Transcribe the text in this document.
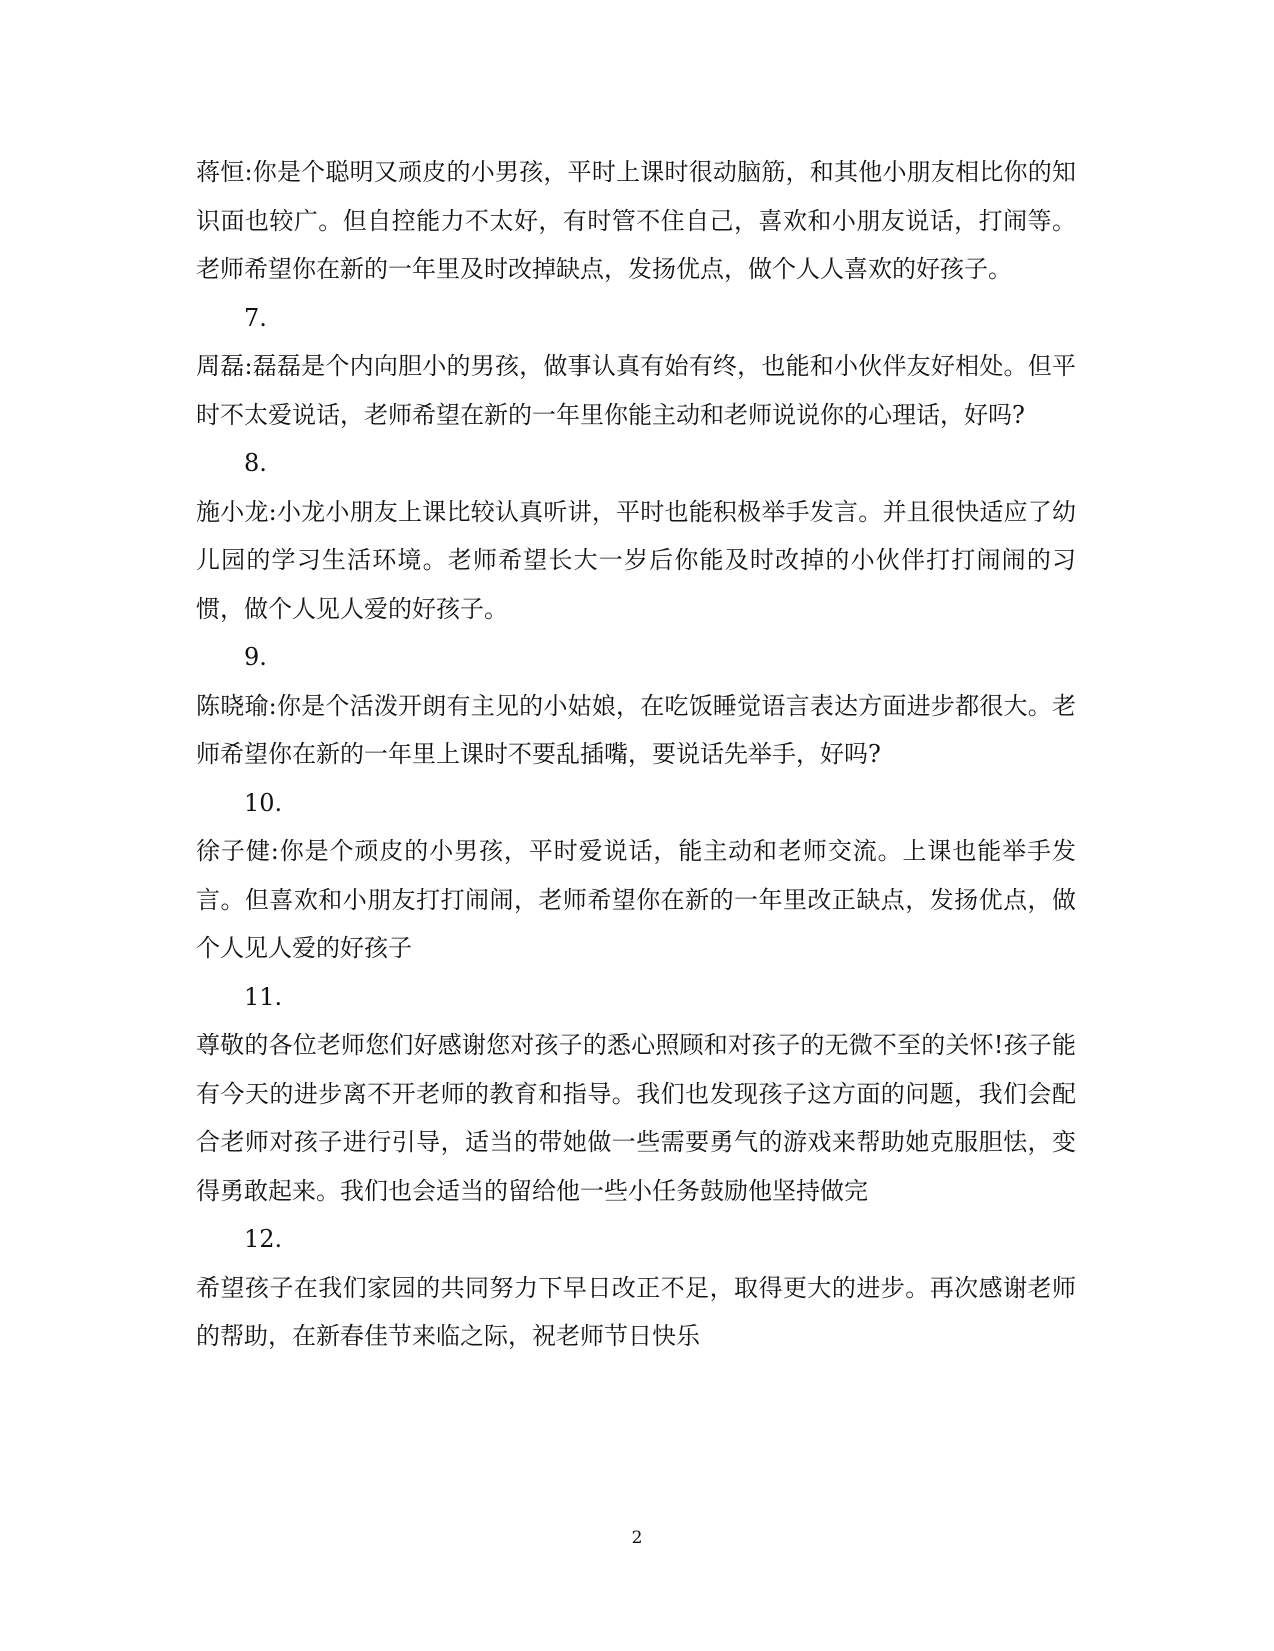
蒋恒:你是个聪明又顽皮的小男孩，平时上课时很动脑筋，和其他小朋友相比你的知识面也较广。但自控能力不太好，有时管不住自己，喜欢和小朋友说话，打闹等。老师希望你在新的一年里及时改掉缺点，发扬优点，做个人人喜欢的好孩子。

7.

周磊:磊磊是个内向胆小的男孩，做事认真有始有终，也能和小伙伴友好相处。但平时不太爱说话，老师希望在新的一年里你能主动和老师说说你的心理话，好吗?

8.

施小龙:小龙小朋友上课比较认真听讲，平时也能积极举手发言。并且很快适应了幼儿园的学习生活环境。老师希望长大一岁后你能及时改掉的小伙伴打打闹闹的习惯，做个人见人爱的好孩子。

9.

陈晓瑜:你是个活泼开朗有主见的小姑娘，在吃饭睡觉语言表达方面进步都很大。老师希望你在新的一年里上课时不要乱插嘴，要说话先举手，好吗?

10.

徐子健:你是个顽皮的小男孩，平时爱说话，能主动和老师交流。上课也能举手发言。但喜欢和小朋友打打闹闹，老师希望你在新的一年里改正缺点，发扬优点，做个人见人爱的好孩子

11.

尊敬的各位老师您们好感谢您对孩子的悉心照顾和对孩子的无微不至的关怀!孩子能有今天的进步离不开老师的教育和指导。我们也发现孩子这方面的问题，我们会配合老师对孩子进行引导，适当的带她做一些需要勇气的游戏来帮助她克服胆怯，变得勇敢起来。我们也会适当的留给他一些小任务鼓励他坚持做完

12.

希望孩子在我们家园的共同努力下早日改正不足，取得更大的进步。再次感谢老师的帮助，在新春佳节来临之际，祝老师节日快乐

2
